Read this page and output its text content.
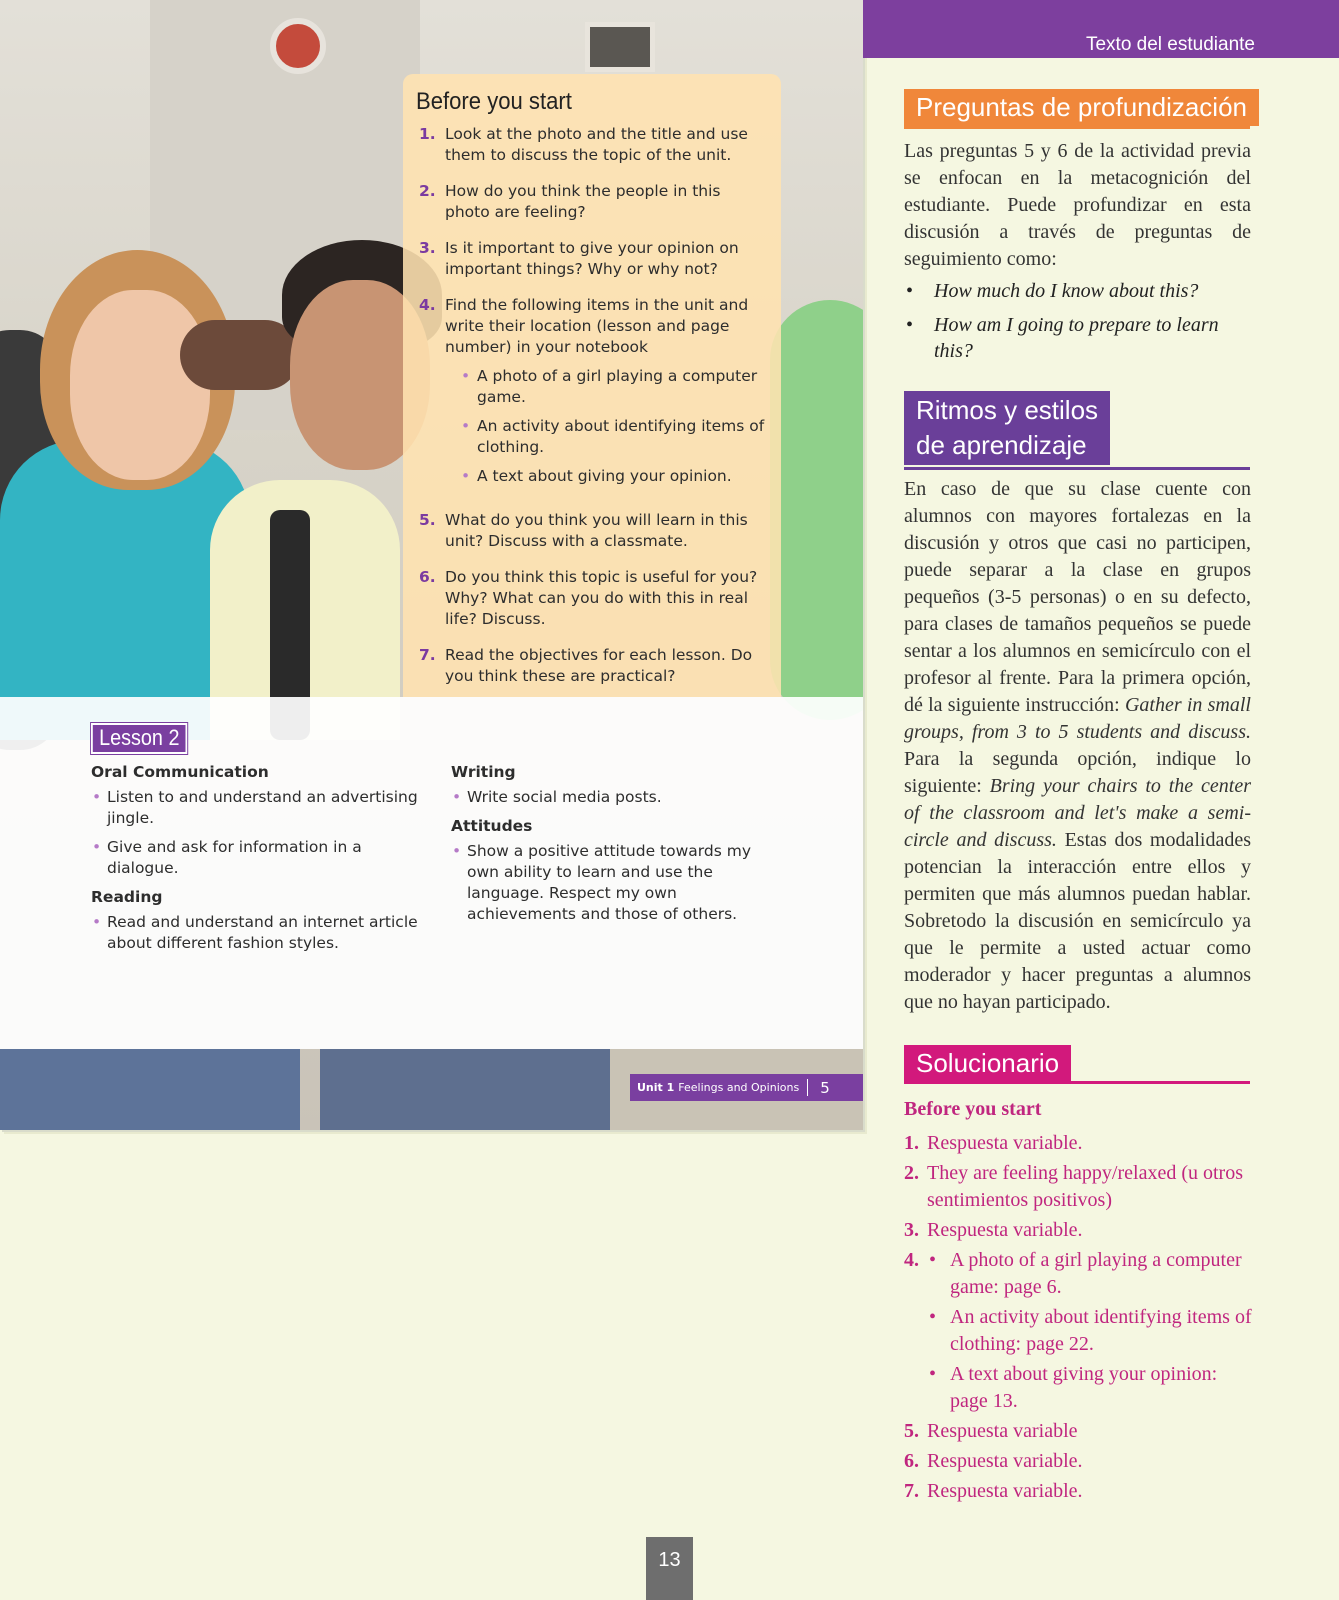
Before you start
1. Look at the photo and the title and use them to discuss the topic of the unit.
2. How do you think the people in this photo are feeling?
3. Is it important to give your opinion on important things? Why or why not?
4. Find the following items in the unit and write their location (lesson and page number) in your notebook
• A photo of a girl playing a computer game.
• An activity about identifying items of clothing.
• A text about giving your opinion.
5. What do you think you will learn in this unit? Discuss with a classmate.
6. Do you think this topic is useful for you? Why? What can you do with this in real life? Discuss.
7. Read the objectives for each lesson. Do you think these are practical?
Lesson 2
Oral Communication
• Listen to and understand an advertising jingle.
• Give and ask for information in a dialogue.
Reading
• Read and understand an internet article about different fashion styles.
Writing
• Write social media posts.
Attitudes
• Show a positive attitude towards my own ability to learn and use the language. Respect my own achievements and those of others.
Unit 1 Feelings and Opinions 5
Texto del estudiante
Preguntas de profundización

Las preguntas 5 y 6 de la actividad previa se enfocan en la metacognición del estudiante. Puede profundizar en esta discusión a través de preguntas de seguimiento como:

• How much do I know about this?
• How am I going to prepare to learn this?
Ritmos y estilos
de aprendizaje

En caso de que su clase cuente con alumnos con mayores fortalezas en la discusión y otros que casi no participen, puede separar a la clase en grupos pequeños (3-5 personas) o en su defecto, para clases de tamaños pequeños se puede sentar a los alumnos en semicírculo con el profesor al frente. Para la primera opción, dé la siguiente instrucción: Gather in small groups, from 3 to 5 students and discuss. Para la segunda opción, indique lo siguiente: Bring your chairs to the center of the classroom and let's make a semi-circle and discuss. Estas dos modalidades potencian la interacción entre ellos y permiten que más alumnos puedan hablar. Sobretodo la discusión en semicírculo ya que le permite a usted actuar como moderador y hacer preguntas a alumnos que no hayan participado.

Solucionario

Before you start

1. Respuesta variable.
2. They are feeling happy/relaxed (u otros sentimientos positivos)
3. Respuesta variable.
4.
•	A photo of a girl playing a computer game: page 6.
• An activity about identifying items of clothing: page 22.
• A text about giving your opinion: page 13.
5. Respuesta variable
6. Respuesta variable.
7. Respuesta variable.
13
